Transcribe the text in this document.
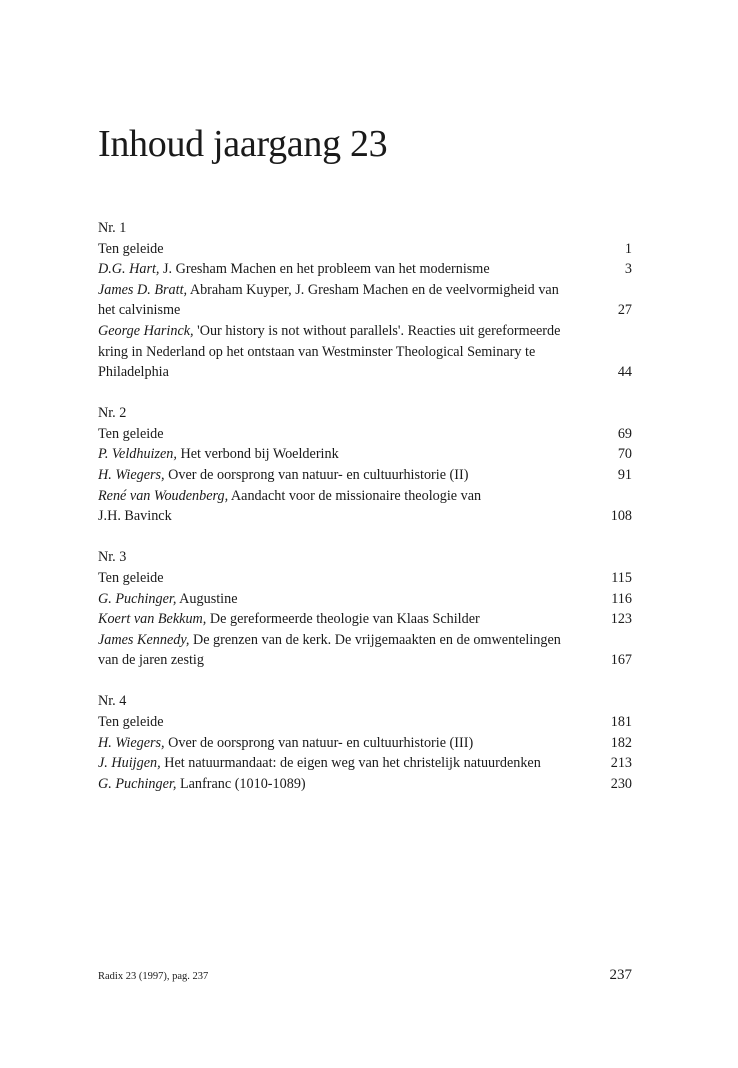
Inhoud jaargang 23
Nr. 1
Ten geleide	1
D.G. Hart, J. Gresham Machen en het probleem van het modernisme	3
James D. Bratt, Abraham Kuyper, J. Gresham Machen en de veelvormigheid van
het calvinisme	27
George Harinck, 'Our history is not without parallels'. Reacties uit gereformeerde
kring in Nederland op het ontstaan van Westminster Theological Seminary te
Philadelphia	44
Nr. 2
Ten geleide	69
P. Veldhuizen, Het verbond bij Woelderink	70
H. Wiegers, Over de oorsprong van natuur- en cultuurhistorie (II)	91
René van Woudenberg, Aandacht voor de missionaire theologie van
J.H. Bavinck	108
Nr. 3
Ten geleide	115
G. Puchinger, Augustine	116
Koert van Bekkum, De gereformeerde theologie van Klaas Schilder	123
James Kennedy, De grenzen van de kerk. De vrijgemaakten en de omwentelingen
van de jaren zestig	167
Nr. 4
Ten geleide	181
H. Wiegers, Over de oorsprong van natuur- en cultuurhistorie (III)	182
J. Huijgen, Het natuurmandaat: de eigen weg van het christelijk natuurdenken	213
G. Puchinger, Lanfranc (1010-1089)	230
Radix 23 (1997), pag. 237	237
